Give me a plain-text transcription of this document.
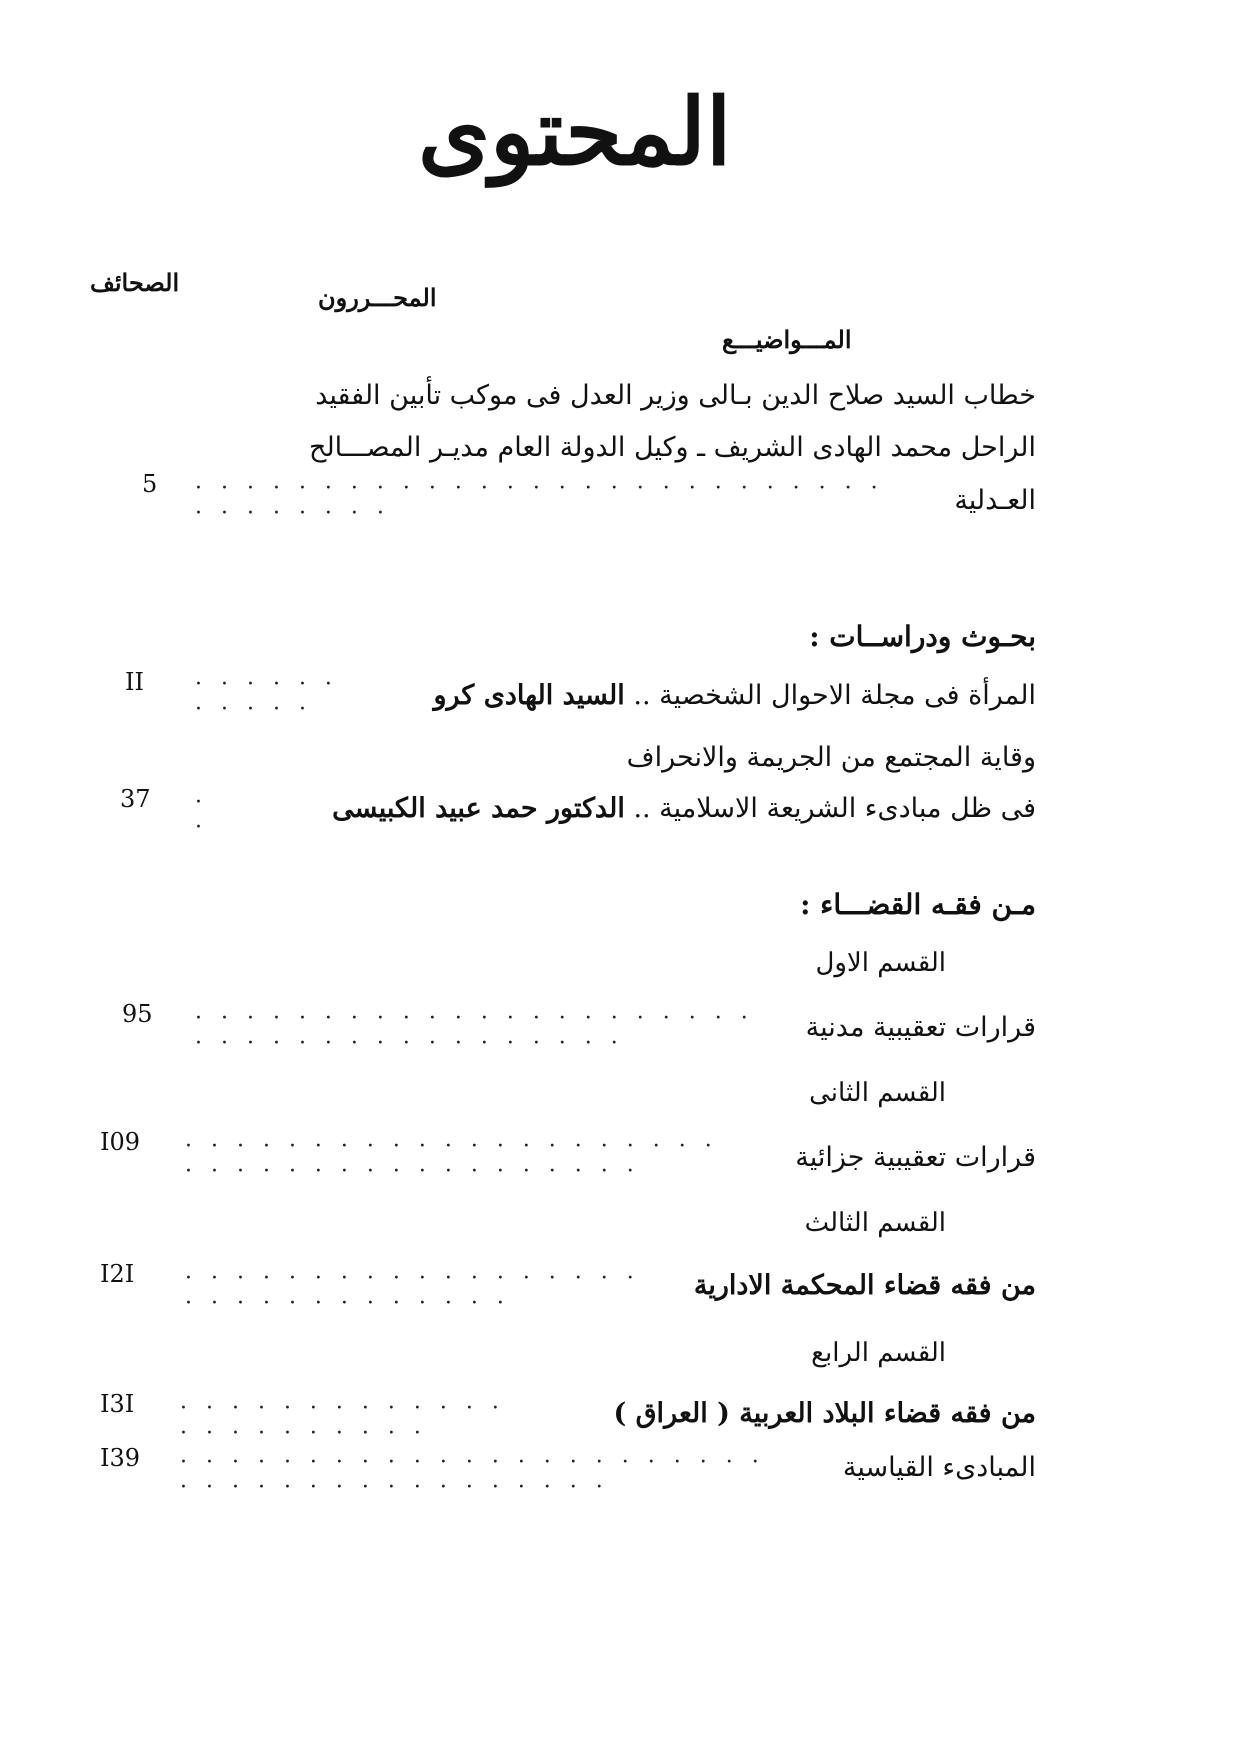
المحتوى
الصحائف
المحـــررون
المـــواضيـــع
خطاب السيد صلاح الدين بـالى وزير العدل فى موكب تأبين الفقيد
الراحل محمد الهادى الشريف ـ وكيل الدولة العام مديـر المصـــالح
العـدلية
· · · · · · · · · · · · · · · · · · · · · · · · · · · · · · · · · · ·
5
بحـوث ودراســات :
المرأة فى مجلة الاحوال الشخصية .. السيد الهادى كرو
· · · · · · · · · · ·
II
وقاية المجتمع من الجريمة والانحراف
فى ظل مبادىء الشريعة الاسلامية .. الدكتور حمد عبيد الكبيسى
· ·
37
مـن فقـه القضـــاء :
القسم الاول
قرارات تعقيبية مدنية
· · · · · · · · · · · · · · · · · · · · · · · · · · · · · · · · · · · · · · ·
95
القسم الثانى
قرارات تعقيبية جزائية
· · · · · · · · · · · · · · · · · · · · · · · · · · · · · · · · · · · · · · ·
I09
القسم الثالث
من فقه قضاء المحكمة الادارية
· · · · · · · · · · · · · · · · · · · · · · · · · · · · · · ·
I2I
القسم الرابع
من فقه قضاء البلاد العربية ( العراق )
· · · · · · · · · · · · · · · · · · · · · · ·
I3I
المبادىء القياسية
· · · · · · · · · · · · · · · · · · · · · · · · · · · · · · · · · · · · · · · ·
I39
